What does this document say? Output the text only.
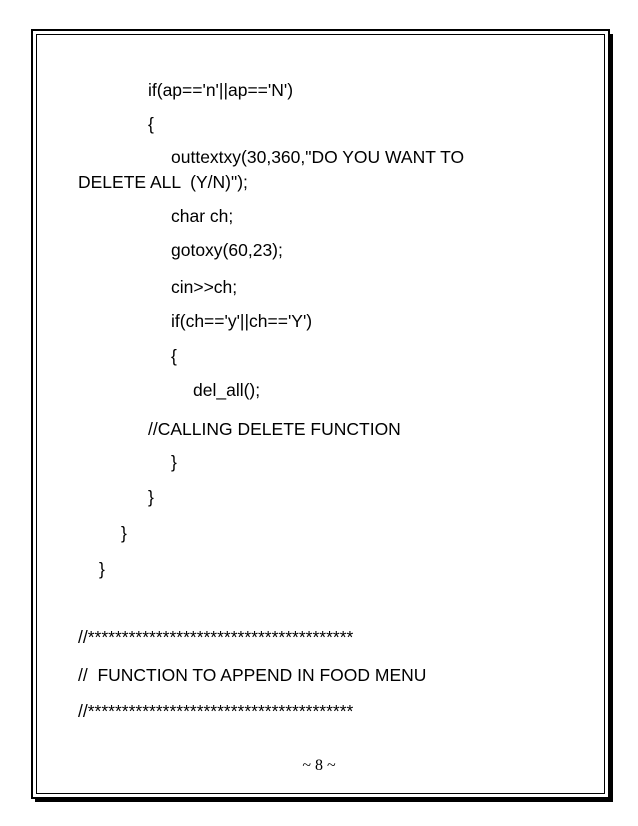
if(ap=='n'||ap=='N')
{
outtextxy(30,360,"DO YOU WANT TO
DELETE ALL  (Y/N)");
char ch;
gotoxy(60,23);
cin>>ch;
if(ch=='y'||ch=='Y')
{
del_all();
//CALLING DELETE FUNCTION
}
}
}
}
//***************************************
//  FUNCTION TO APPEND IN FOOD MENU
//***************************************
~ 8 ~
